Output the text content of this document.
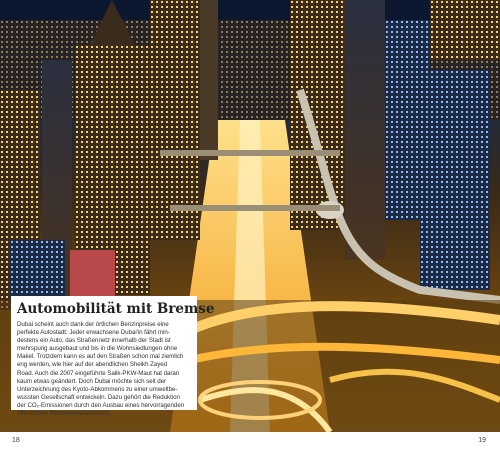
Automobilität mit Bremse

Dubai scheint auch dank der örtlichen Benzinpreise eine
perfekte Autostadt: Jeder erwachsene Dubai'in fährt min-
destens ein Auto, das Straßennetz innerhalb der Stadt ist
mehrspurig ausgebaut und bis in die Wohnsiedlungen ohne
Makel. Trotzdem kann es auf den Straßen schon mal ziemlich
eng werden, wie hier auf der abendlichen Sheikh Zayed
Road. Auch die 2007 eingeführte Salik-PKW-Maut hat daran
kaum etwas geändert. Doch Dubai möchte sich seit der
Unterzeichnung des Kyoto-Abkommens zu einer umweltbe-
wussten Gesellschaft entwickeln. Dazu gehört die Reduktion
der CO₂-Emissionen durch den Ausbau eines hervorragenden
öffentlichen Personennahverkehrs.

18	19
